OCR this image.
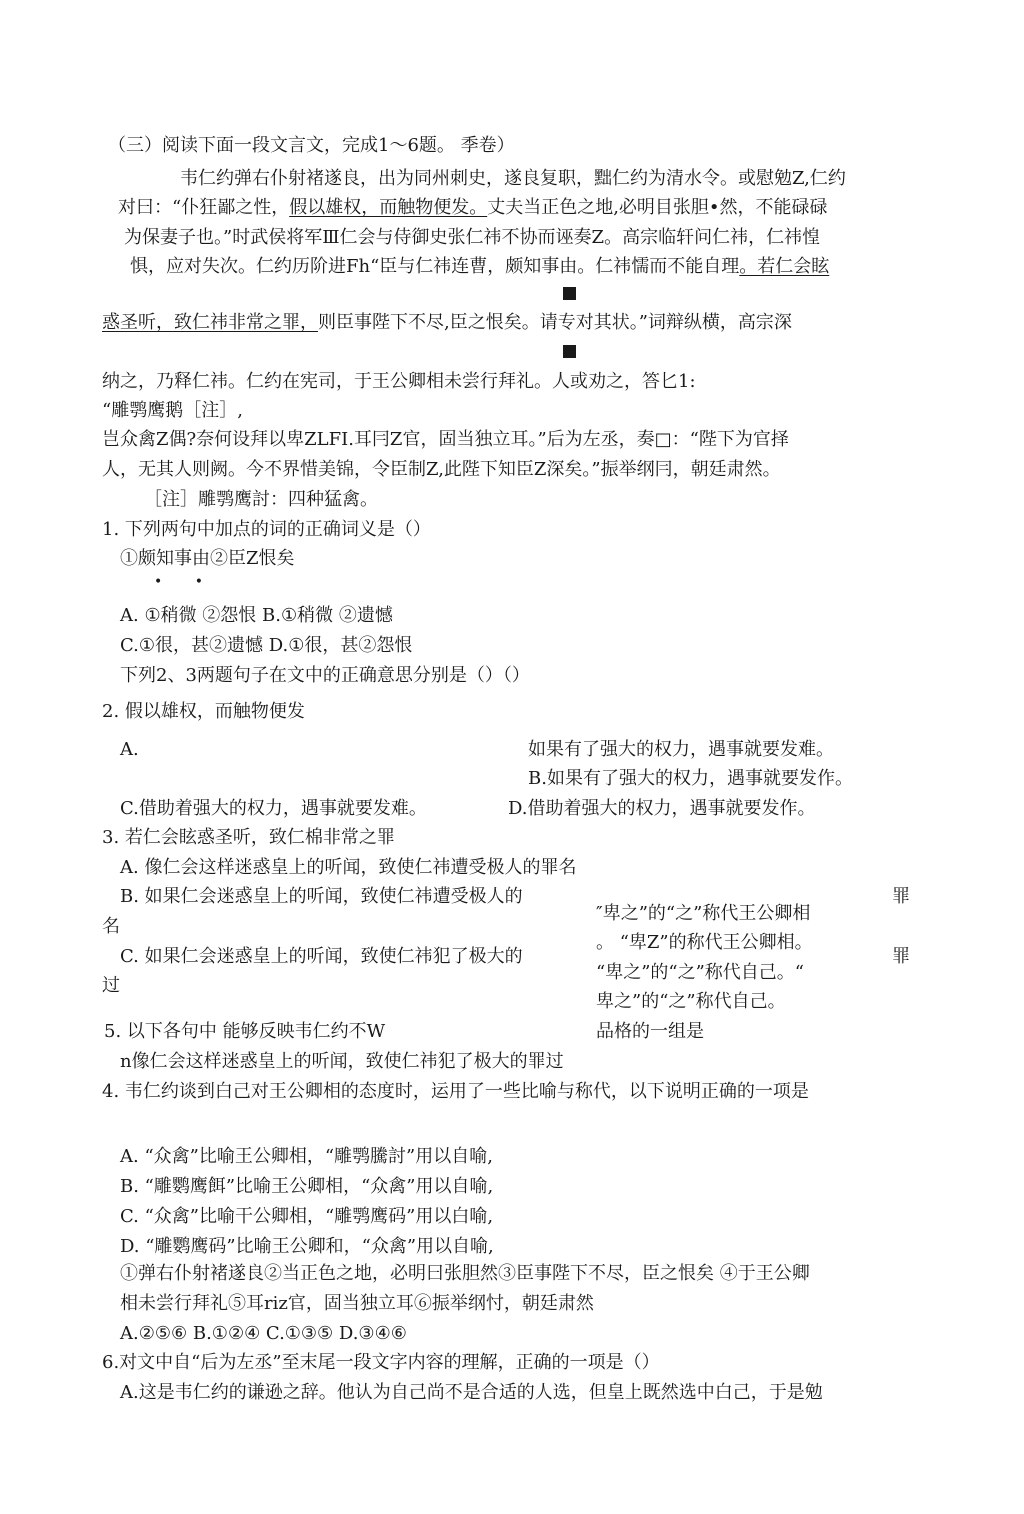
（三）阅读下面一段文言文，完成1～6题。 季卷）
韦仁约弹右仆射褚遂良，出为同州刺史，遂良复职，黜仁约为清水令。或慰勉Z,仁约
对曰：“仆狂鄙之性，假以雄权，而触物便发。丈夫当正色之地,必明目张胆•然，不能碌碌
为保妻子也。”时武侯将军Ⅲ仁会与侍御史张仁祎不协而诬奏Z。高宗临轩问仁祎，仁祎惶
惧，应对失次。仁约历阶进Fh“臣与仁祎连曹，颇知事由。仁祎懦而不能自理。若仁会眩
惑圣听，致仁祎非常之罪，则臣事陛下不尽,臣之恨矣。请专对其状。”词辩纵横，高宗深
纳之，乃释仁祎。仁约在宪司，于王公卿相未尝行拜礼。人或劝之，答匕1:
“雕鹗鹰鹅［注］,
岂众禽Z偶?奈何设拜以卑ZLFI.耳冃Z官，固当独立耳。”后为左丞，奏□：“陛下为官择
人，无其人则阙。今不界惜美锦，令臣制Z,此陛下知臣Z深矣。”振举纲冃，朝廷肃然。
［注］雕鹗鹰討：四种猛禽。
1. 下列两句中加点的词的正确词义是（）
①颇知事由②臣Z恨矣
• •
A. ①稍微 ②怨恨 B.①稍微 ②遗憾
C.①很，甚②遗憾 D.①很，甚②怨恨
下列2、3两题句子在文中的正确意思分别是（）（）
2. 假以雄权，而触物便发
A.	如果有了强大的权力，遇事就要发难。
B.如果有了强大的权力，遇事就要发作。
C.借助着强大的权力，遇事就要发难。	D.借助着强大的权力，遇事就要发作。
3. 若仁会眩惑圣听，致仁棉非常之罪
A. 像仁会这样迷惑皇上的听闻，致使仁祎遭受极人的罪名
B. 如果仁会迷惑皇上的听闻，致使仁祎遭受极人的
名
C. 如果仁会迷惑皇上的听闻，致使仁祎犯了极大的
过
″卑之”的“之”称代王公卿相
罪
。 “卑Z”的称代王公卿相。
“卑之”的“之”称代自己。“
罪
卑之”的“之”称代自己。
品格的一组是
5. 以下各句中 能够反映韦仁约不W
n像仁会这样迷惑皇上的听闻，致使仁祎犯了极大的罪过
4. 韦仁约谈到白己对王公卿相的态度时，运用了一些比喻与称代，以下说明正确的一项是
A. “众禽”比喻王公卿相，“雕鹗騰討”用以自喻,
B. “雕鹦鹰餌”比喻王公卿相，“众禽”用以自喻,
C. “众禽”比喻干公卿相，“雕鹗鹰码”用以白喻,
D. “雕鹦鹰码”比喻王公卿和，“众禽”用以自喻,
①弹右仆射褚遂良②当正色之地，必明曰张胆然③臣事陛下不尽，臣之恨矣 ④于王公卿
相未尝行拜礼⑤耳riz官，固当独立耳⑥振举纲忖，朝廷肃然
A.②⑤⑥ B.①②④ C.①③⑤ D.③④⑥
6.对文中自“后为左丞”至末尾一段文字内容的理解，正确的一项是（）
A.这是韦仁约的谦逊之辞。他认为自己尚不是合适的人选，但皇上既然选中白己，于是勉
